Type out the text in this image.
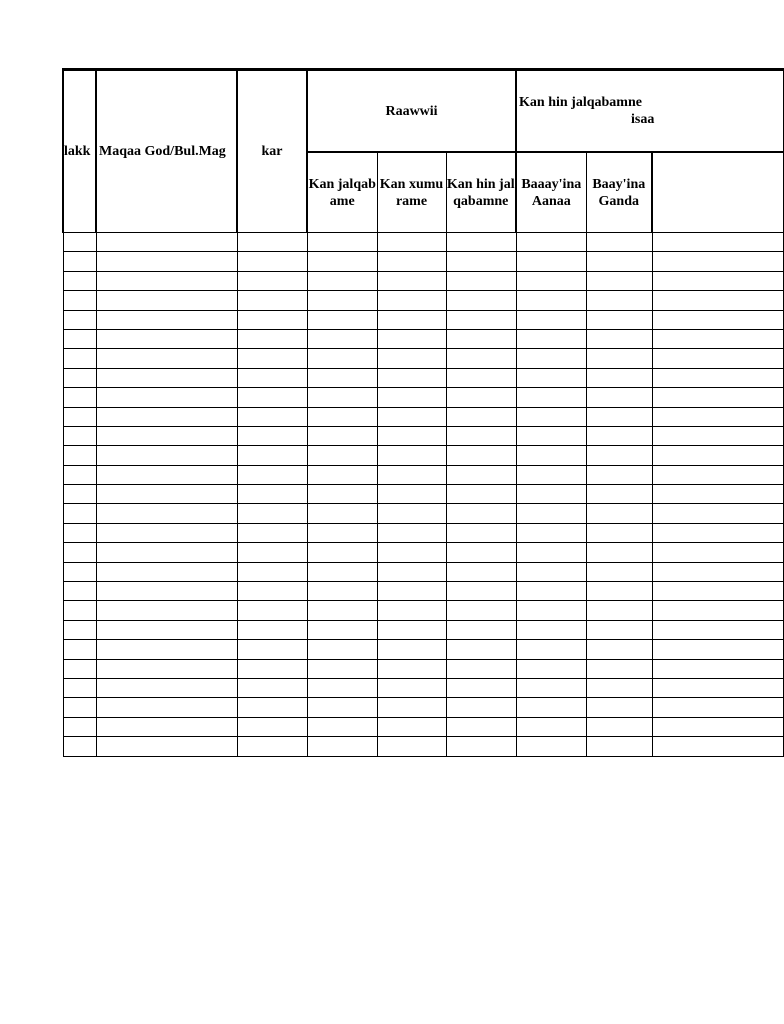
lakk	Maqaa God/Bul.Mag	kar	Raawwii			Kan hin jalqabamne
isaa			

			Kan jalqabame	Kan xumurame	Kan hin jalqabamne	Baaay'ina Aanaa	Baay'ina Ganda		
